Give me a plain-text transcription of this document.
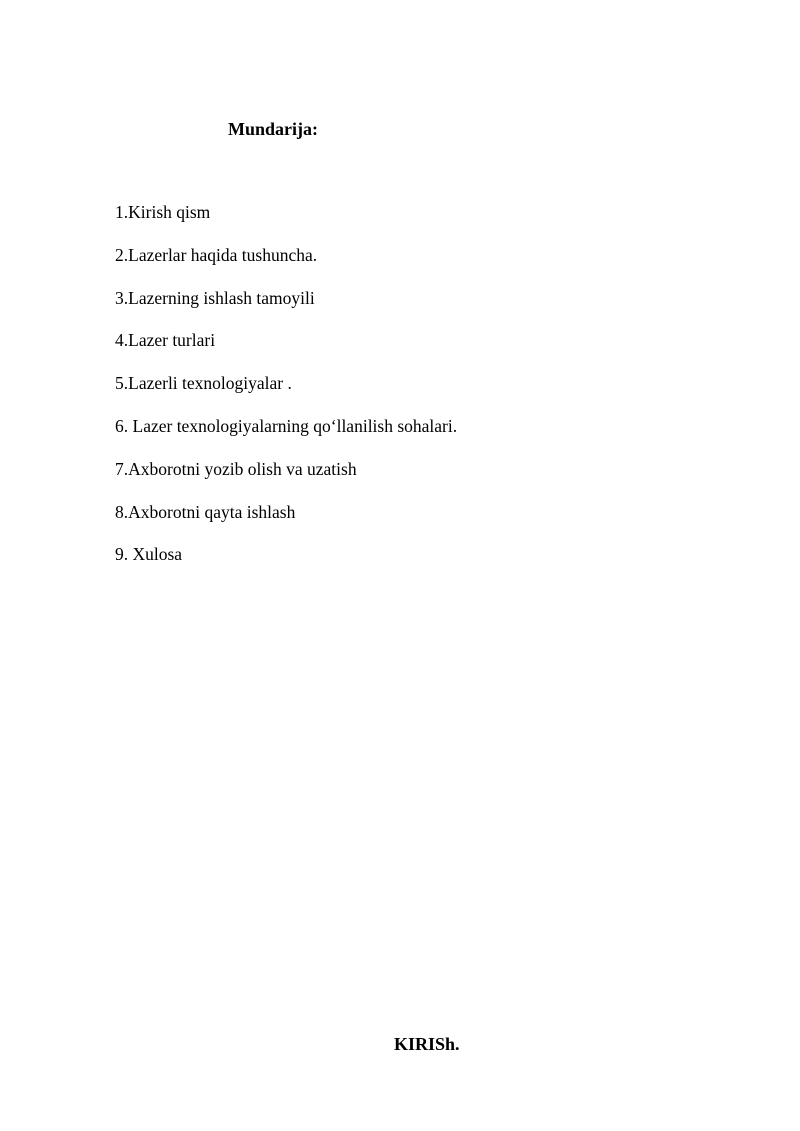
Mundarija:
1.Kirish qism
2.Lazerlar haqida tushuncha.
3.Lazerning ishlash tamoyili
4.Lazer turlari
5.Lazerli texnologiyalar .
6. Lazer texnologiyalarning qo‘llanilish sohalari.
7.Axborotni yozib olish va uzatish
8.Axborotni qayta ishlash
9. Xulosa
KIRISh.
